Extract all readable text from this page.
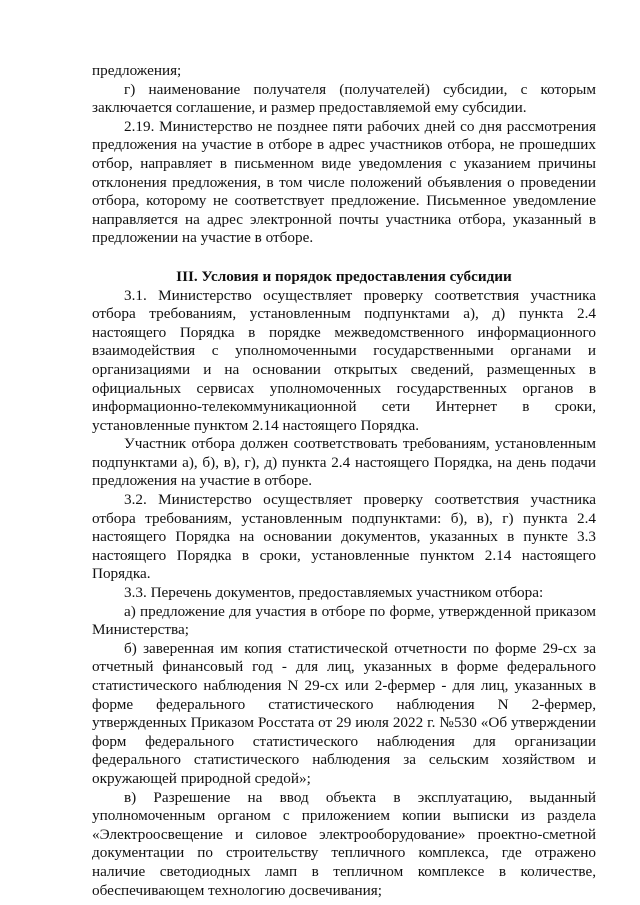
предложения;

г) наименование получателя (получателей) субсидии, с которым заключается соглашение, и размер предоставляемой ему субсидии.

2.19. Министерство не позднее пяти рабочих дней со дня рассмотрения предложения на участие в отборе в адрес участников отбора, не прошедших отбор, направляет в письменном виде уведомления с указанием причины отклонения предложения, в том числе положений объявления о проведении отбора, которому не соответствует предложение. Письменное уведомление направляется на адрес электронной почты участника отбора, указанный в предложении на участие в отборе.

III. Условия и порядок предоставления субсидии

3.1. Министерство осуществляет проверку соответствия участника отбора требованиям, установленным подпунктами а), д) пункта 2.4 настоящего Порядка в порядке межведомственного информационного взаимодействия с уполномоченными государственными органами и организациями и на основании открытых сведений, размещенных в официальных сервисах уполномоченных государственных органов в информационно-телекоммуникационной сети Интернет в сроки, установленные пунктом 2.14 настоящего Порядка.

Участник отбора должен соответствовать требованиям, установленным подпунктами а), б), в), г), д) пункта 2.4 настоящего Порядка, на день подачи предложения на участие в отборе.

3.2. Министерство осуществляет проверку соответствия участника отбора требованиям, установленным подпунктами: б), в), г) пункта 2.4 настоящего Порядка на основании документов, указанных в пункте 3.3 настоящего Порядка в сроки, установленные пунктом 2.14 настоящего Порядка.

3.3. Перечень документов, предоставляемых участником отбора:

а) предложение для участия в отборе по форме, утвержденной приказом Министерства;

б) заверенная им копия статистической отчетности по форме 29-сх за отчетный финансовый год - для лиц, указанных в форме федерального статистического наблюдения N 29-сх или 2-фермер - для лиц, указанных в форме федерального статистического наблюдения N 2-фермер, утвержденных Приказом Росстата от 29 июля 2022 г. №530 «Об утверждении форм федерального статистического наблюдения для организации федерального статистического наблюдения за сельским хозяйством и окружающей природной средой»;

в) Разрешение на ввод объекта в эксплуатацию, выданный уполномоченным органом с приложением копии выписки из раздела «Электроосвещение и силовое электрооборудование» проектно-сметной документации по строительству тепличного комплекса, где отражено наличие светодиодных ламп в тепличном комплексе в количестве, обеспечивающем технологию досвечивания;
